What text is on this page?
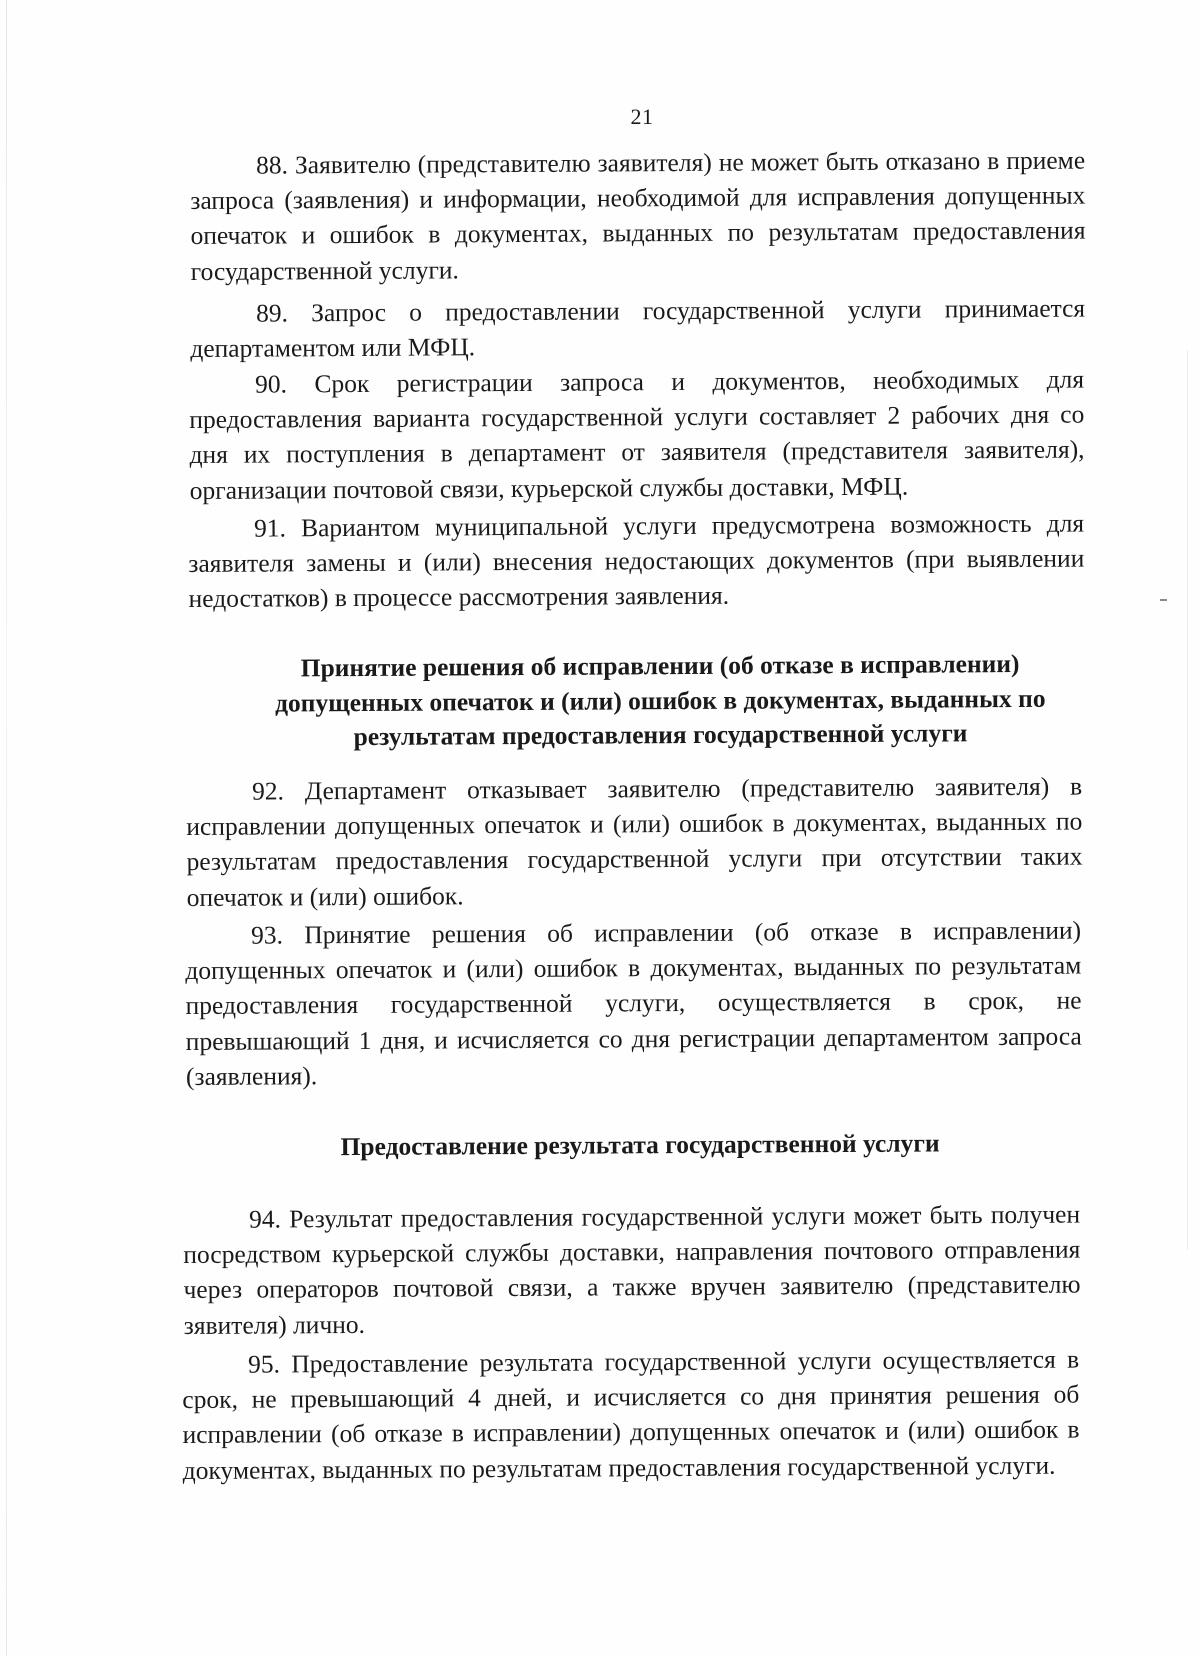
21

88. Заявителю (представителю заявителя) не может быть отказано в приеме запроса (заявления) и информации, необходимой для исправления допущенных опечаток и ошибок в документах, выданных по результатам предоставления государственной услуги.

89. Запрос о предоставлении государственной услуги принимается департаментом или МФЦ.

90. Срок регистрации запроса и документов, необходимых для предоставления варианта государственной услуги составляет 2 рабочих дня со дня их поступления в департамент от заявителя (представителя заявителя), организации почтовой связи, курьерской службы доставки, МФЦ.

91. Вариантом муниципальной услуги предусмотрена возможность для заявителя замены и (или) внесения недостающих документов (при выявлении недостатков) в процессе рассмотрения заявления.

Принятие решения об исправлении (об отказе в исправлении)
допущенных опечаток и (или) ошибок в документах, выданных по
результатам предоставления государственной услуги

92. Департамент отказывает заявителю (представителю заявителя) в исправлении допущенных опечаток и (или) ошибок в документах, выданных по результатам предоставления государственной услуги при отсутствии таких опечаток и (или) ошибок.

93. Принятие решения об исправлении (об отказе в исправлении) допущенных опечаток и (или) ошибок в документах, выданных по результатам предоставления государственной услуги, осуществляется в срок, не превышающий 1 дня, и исчисляется со дня регистрации департаментом запроса (заявления).

Предоставление результата государственной услуги

94. Результат предоставления государственной услуги может быть получен посредством курьерской службы доставки, направления почтового отправления через операторов почтовой связи, а также вручен заявителю (представителю зявителя) лично.

95. Предоставление результата государственной услуги осуществляется в срок, не превышающий 4 дней, и исчисляется со дня принятия решения об исправлении (об отказе в исправлении) допущенных опечаток и (или) ошибок в документах, выданных по результатам предоставления государственной услуги.
